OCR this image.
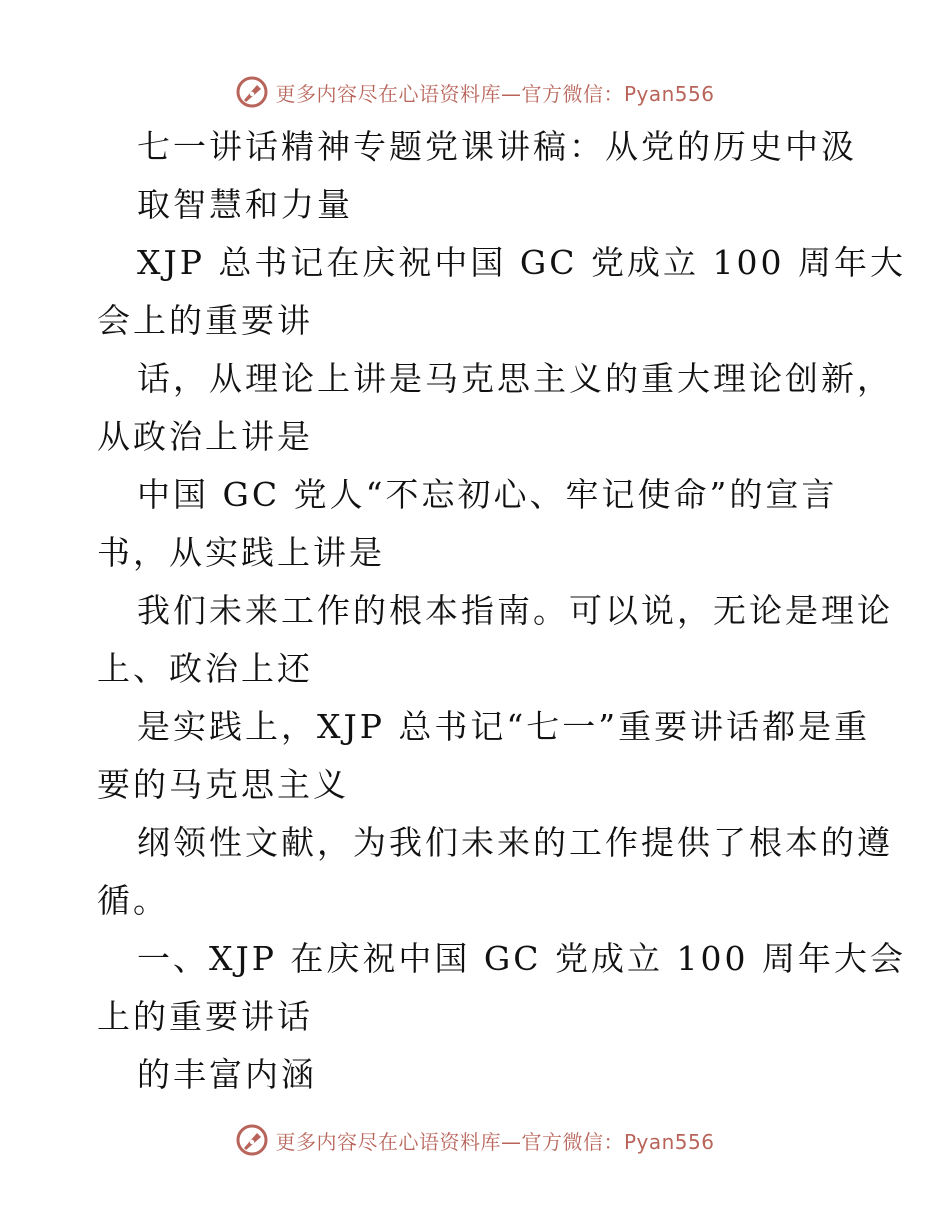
更多内容尽在心语资料库—官方微信：Pyan556
七一讲话精神专题党课讲稿：从党的历史中汲
取智慧和力量
XJP 总书记在庆祝中国 GC 党成立 100 周年大
会上的重要讲
话，从理论上讲是马克思主义的重大理论创新，
从政治上讲是
中国 GC 党人“不忘初心、牢记使命”的宣言
书，从实践上讲是
我们未来工作的根本指南。可以说，无论是理论
上、政治上还
是实践上，XJP 总书记“七一”重要讲话都是重
要的马克思主义
纲领性文献，为我们未来的工作提供了根本的遵
循。
一、XJP 在庆祝中国 GC 党成立 100 周年大会
上的重要讲话
的丰富内涵
更多内容尽在心语资料库—官方微信：Pyan556
